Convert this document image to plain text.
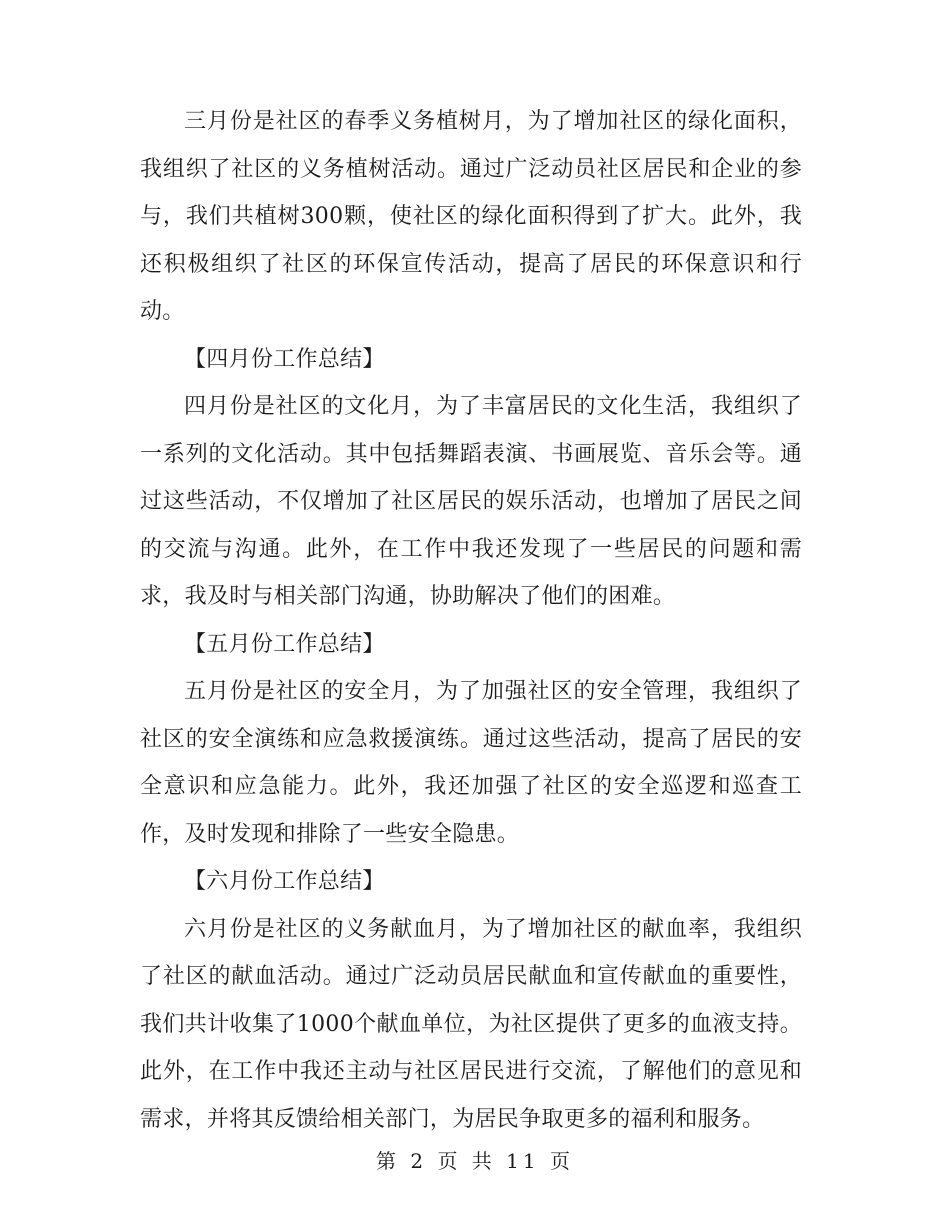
三月份是社区的春季义务植树月，为了增加社区的绿化面积，我组织了社区的义务植树活动。通过广泛动员社区居民和企业的参与，我们共植树300颗，使社区的绿化面积得到了扩大。此外，我还积极组织了社区的环保宣传活动，提高了居民的环保意识和行动。

【四月份工作总结】

四月份是社区的文化月，为了丰富居民的文化生活，我组织了一系列的文化活动。其中包括舞蹈表演、书画展览、音乐会等。通过这些活动，不仅增加了社区居民的娱乐活动，也增加了居民之间的交流与沟通。此外，在工作中我还发现了一些居民的问题和需求，我及时与相关部门沟通，协助解决了他们的困难。

【五月份工作总结】

五月份是社区的安全月，为了加强社区的安全管理，我组织了社区的安全演练和应急救援演练。通过这些活动，提高了居民的安全意识和应急能力。此外，我还加强了社区的安全巡逻和巡查工作，及时发现和排除了一些安全隐患。

【六月份工作总结】

六月份是社区的义务献血月，为了增加社区的献血率，我组织了社区的献血活动。通过广泛动员居民献血和宣传献血的重要性，我们共计收集了1000个献血单位，为社区提供了更多的血液支持。此外，在工作中我还主动与社区居民进行交流，了解他们的意见和需求，并将其反馈给相关部门，为居民争取更多的福利和服务。

第 2 页 共 11 页
